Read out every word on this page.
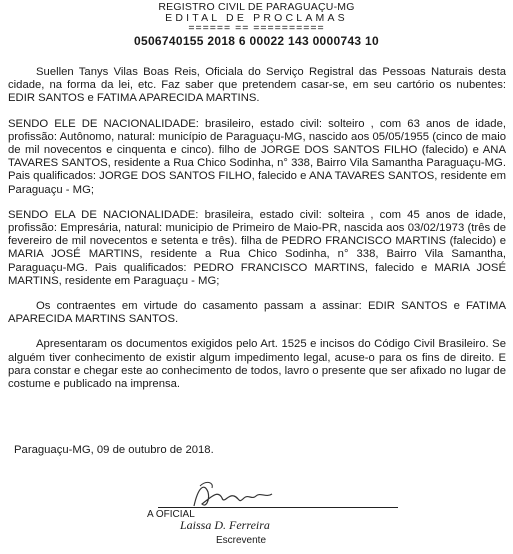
REGISTRO CIVIL DE PARAGUAÇU-MG
EDITAL DE PROCLAMAS
====== == ==========
0506740155 2018 6 00022 143 0000743 10

Suellen Tanys Vilas Boas Reis, Oficiala do Serviço Registral das Pessoas Naturais desta cidade, na forma da lei, etc. Faz saber que pretendem casar-se, em seu cartório os nubentes: EDIR SANTOS e FATIMA APARECIDA MARTINS.

SENDO ELE DE NACIONALIDADE: brasileiro, estado civil: solteiro , com 63 anos de idade, profissão: Autônomo, natural: município de Paraguaçu-MG, nascido aos 05/05/1955 (cinco de maio de mil novecentos e cinquenta e cinco). filho de JORGE DOS SANTOS FILHO (falecido) e ANA TAVARES SANTOS, residente a Rua Chico Sodinha, n° 338, Bairro Vila Samantha Paraguaçu-MG. Pais qualificados: JORGE DOS SANTOS FILHO, falecido e ANA TAVARES SANTOS, residente em Paraguaçu - MG;

SENDO ELA DE NACIONALIDADE: brasileira, estado civil: solteira , com 45 anos de idade, profissão: Empresária, natural: municipio de Primeiro de Maio-PR, nascida aos 03/02/1973 (três de fevereiro de mil novecentos e setenta e três). filha de PEDRO FRANCISCO MARTINS (falecido) e MARIA JOSÉ MARTINS, residente a Rua Chico Sodinha, n° 338, Bairro Vila Samantha, Paraguaçu-MG. Pais qualificados: PEDRO FRANCISCO MARTINS, falecido e MARIA JOSÉ MARTINS, residente em Paraguaçu - MG;

Os contraentes em virtude do casamento passam a assinar: EDIR SANTOS e FATIMA APARECIDA MARTINS SANTOS.

Apresentaram os documentos exigidos pelo Art. 1525 e incisos do Código Civil Brasileiro. Se alguém tiver conhecimento de existir algum impedimento legal, acuse-o para os fins de direito. E para constar e chegar este ao conhecimento de todos, lavro o presente que ser afixado no lugar de costume e publicado na imprensa.

Paraguaçu-MG, 09 de outubro de 2018.
A OFICIAL
Laissa D. Ferreira
Escrevente
